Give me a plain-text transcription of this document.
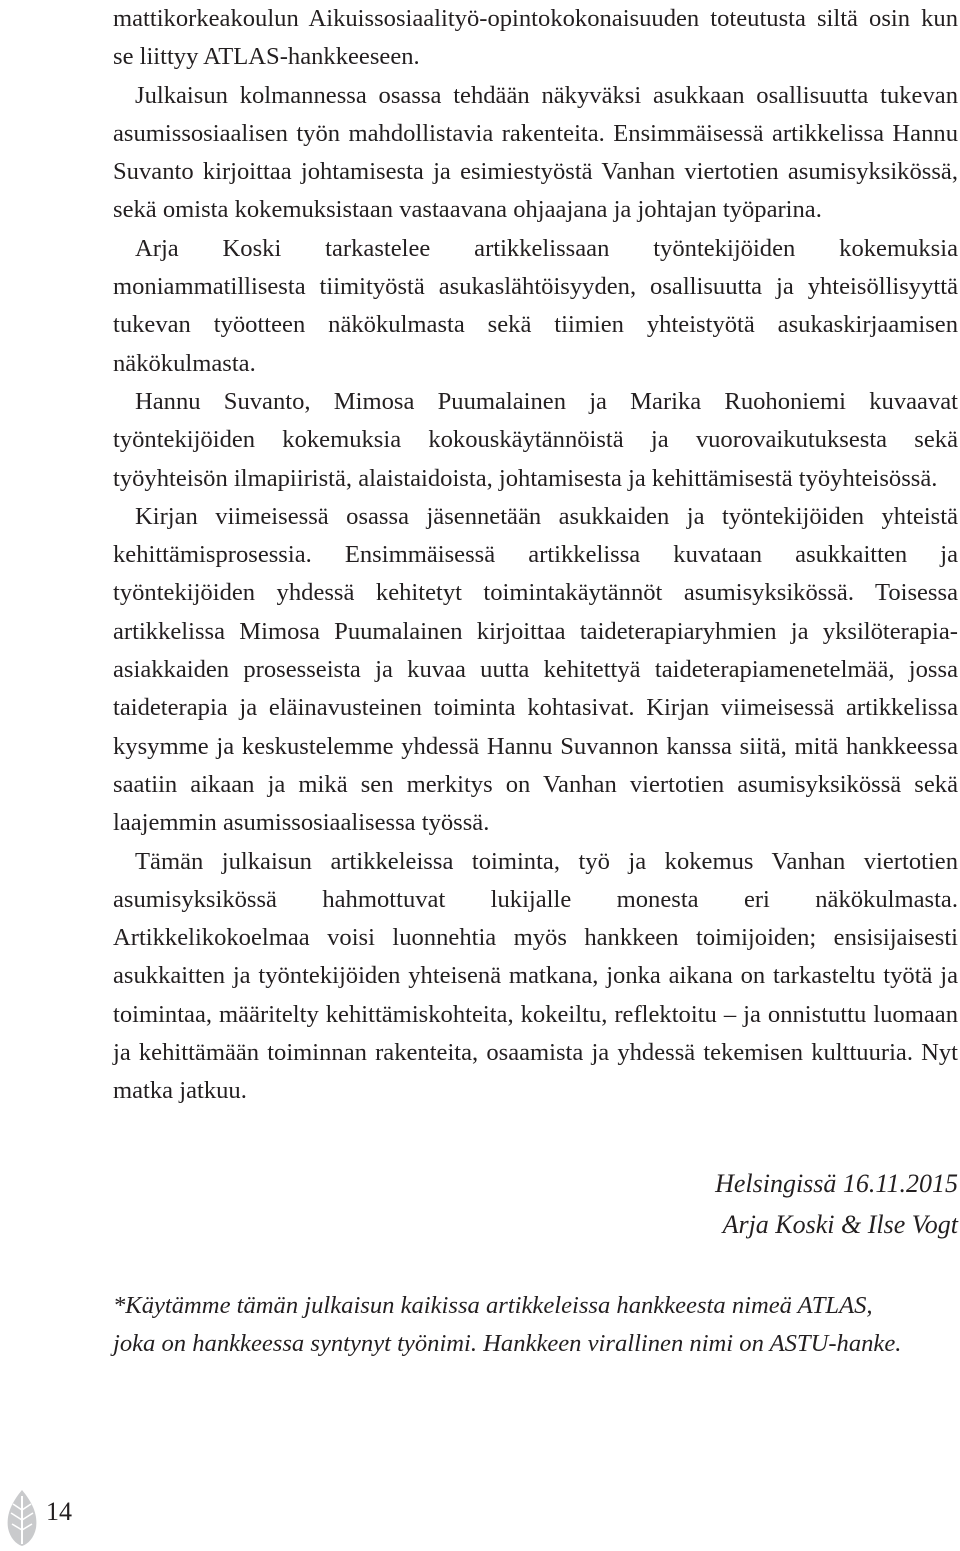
mattikorkeakoulun Aikuissosiaalityö-opintokokonaisuuden toteutusta siltä osin kun se liittyy ATLAS-hankkeeseen.

Julkaisun kolmannessa osassa tehdään näkyväksi asukkaan osallisuutta tukevan asumissosiaalisen työn mahdollistavia rakenteita. Ensimmäisessä artikkelissa Hannu Suvanto kirjoittaa johtamisesta ja esimiestyöstä Vanhan viertotien asumisyksikössä, sekä omista kokemuksistaan vastaavana ohjaajana ja johtajan työparina.

Arja Koski tarkastelee artikkelissaan työntekijöiden kokemuksia moniammatillisesta tiimityöstä asukaslähtöisyyden, osallisuutta ja yhteisöllisyyttä tukevan työotteen näkökulmasta sekä tiimien yhteistyötä asukaskirjaamisen näkökulmasta.

Hannu Suvanto, Mimosa Puumalainen ja Marika Ruohoniemi kuvaavat työntekijöiden kokemuksia kokouskäytännöistä ja vuorovaikutuksesta sekä työyhteisön ilmapiiristä, alaistaidoista, johtamisesta ja kehittämisestä työyhteisössä.

Kirjan viimeisessä osassa jäsennetään asukkaiden ja työntekijöiden yhteistä kehittämisprosessia. Ensimmäisessä artikkelissa kuvataan asukkaitten ja työntekijöiden yhdessä kehitetyt toimintakäytännöt asumisyksikössä. Toisessa artikkelissa Mimosa Puumalainen kirjoittaa taideterapiaryhmien ja yksilöterapia-asiakkaiden prosesseista ja kuvaa uutta kehitettyä taideterapiamenetelmää, jossa taideterapia ja eläinavusteinen toiminta kohtasivat. Kirjan viimeisessä artikkelissa kysymme ja keskustelemme yhdessä Hannu Suvannon kanssa siitä, mitä hankkeessa saatiin aikaan ja mikä sen merkitys on Vanhan viertotien asumisyksikössä sekä laajemmin asumissosiaalisessa työssä.

Tämän julkaisun artikkeleissa toiminta, työ ja kokemus Vanhan viertotien asumisyksikössä hahmottuvat lukijalle monesta eri näkökulmasta. Artikkelikokoelmaa voisi luonnehtia myös hankkeen toimijoiden; ensisijaisesti asukkaitten ja työntekijöiden yhteisenä matkana, jonka aikana on tarkasteltu työtä ja toimintaa, määritelty kehittämiskohteita, kokeiltu, reflektoitu – ja onnistuttu luomaan ja kehittämään toiminnan rakenteita, osaamista ja yhdessä tekemisen kulttuuria. Nyt matka jatkuu.

Helsingissä 16.11.2015
Arja Koski & Ilse Vogt
*Käytämme tämän julkaisun kaikissa artikkeleissa hankkeesta nimeä ATLAS,
joka on hankkeessa syntynyt työnimi. Hankkeen virallinen nimi on ASTU-hanke.
14
